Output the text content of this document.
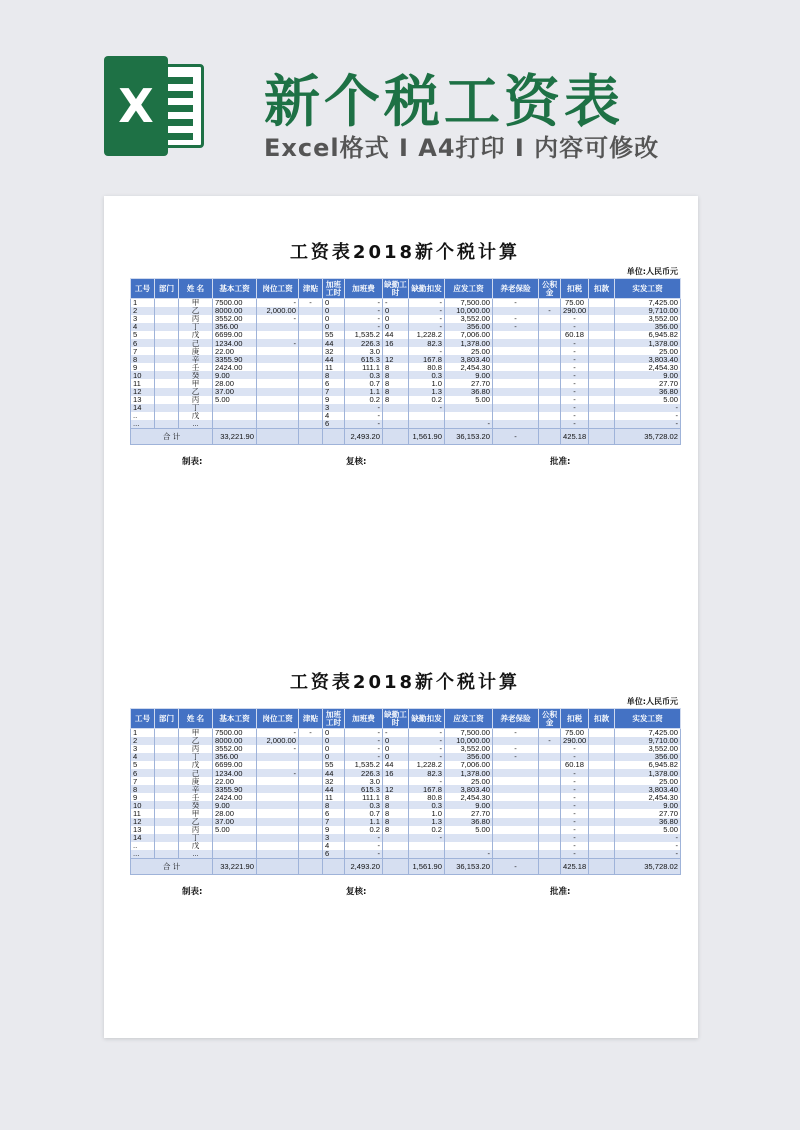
X 新个税工资表
Excel格式 Ⅰ A4打印 Ⅰ 内容可修改
工资表2018新个税计算
单位:人民币元
工号	部门	姓 名	基本工资	岗位工资	津贴	加班工时	加班费	缺勤工时	缺勤扣发	应发工资	养老保险	公积金	扣税	扣款	实发工资
1		甲	7500.00	-	-	0	-	-	-	7,500.00	-		75.00		7,425.00
2		乙	8000.00	2,000.00		0	-	0	-	10,000.00		-	290.00		9,710.00
3		丙	3552.00	-		0	-	0	-	3,552.00	-		-		3,552.00
4		丁	356.00			0	-	0	-	356.00	-		-		356.00
5		戊	6699.00			55	1,535.2	44	1,228.2	7,006.00			60.18		6,945.82
6		己	1234.00	-		44	226.3	16	82.3	1,378.00			-		1,378.00
7		庚	22.00			32	3.0		-	25.00			-		25.00
8		辛	3355.90			44	615.3	12	167.8	3,803.40			-		3,803.40
9		壬	2424.00			11	111.1	8	80.8	2,454.30			-		2,454.30
10		癸	9.00			8	0.3	8	0.3	9.00			-		9.00
11		甲	28.00			6	0.7	8	1.0	27.70			-		27.70
12		乙	37.00			7	1.1	8	1.3	36.80			-		36.80
13		丙	5.00			9	0.2	8	0.2	5.00			-		5.00
14		丁				3	-		-				-		-
..		戊				4	-						-		-
...		...				6	-			-			-		-
合 计			33,221.90				2,493.20		1,561.90	36,153.20	-		425.18		35,728.02
制表:	复核:	批准:
工资表2018新个税计算
单位:人民币元
工号	部门	姓 名	基本工资	岗位工资	津贴	加班工时	加班费	缺勤工时	缺勤扣发	应发工资	养老保险	公积金	扣税	扣款	实发工资
1		甲	7500.00	-	-	0	-	-	-	7,500.00	-		75.00		7,425.00
2		乙	8000.00	2,000.00		0	-	0	-	10,000.00		-	290.00		9,710.00
3		丙	3552.00	-		0	-	0	-	3,552.00	-		-		3,552.00
4		丁	356.00			0	-	0	-	356.00	-		-		356.00
5		戊	6699.00			55	1,535.2	44	1,228.2	7,006.00			60.18		6,945.82
6		己	1234.00	-		44	226.3	16	82.3	1,378.00			-		1,378.00
7		庚	22.00			32	3.0		-	25.00			-		25.00
8		辛	3355.90			44	615.3	12	167.8	3,803.40			-		3,803.40
9		壬	2424.00			11	111.1	8	80.8	2,454.30			-		2,454.30
10		癸	9.00			8	0.3	8	0.3	9.00			-		9.00
11		甲	28.00			6	0.7	8	1.0	27.70			-		27.70
12		乙	37.00			7	1.1	8	1.3	36.80			-		36.80
13		丙	5.00			9	0.2	8	0.2	5.00			-		5.00
14		丁				3	-		-				-		-
..		戊				4	-						-		-
...		...				6	-			-			-		-
合 计			33,221.90				2,493.20		1,561.90	36,153.20	-		425.18		35,728.02
制表:	复核:	批准:
